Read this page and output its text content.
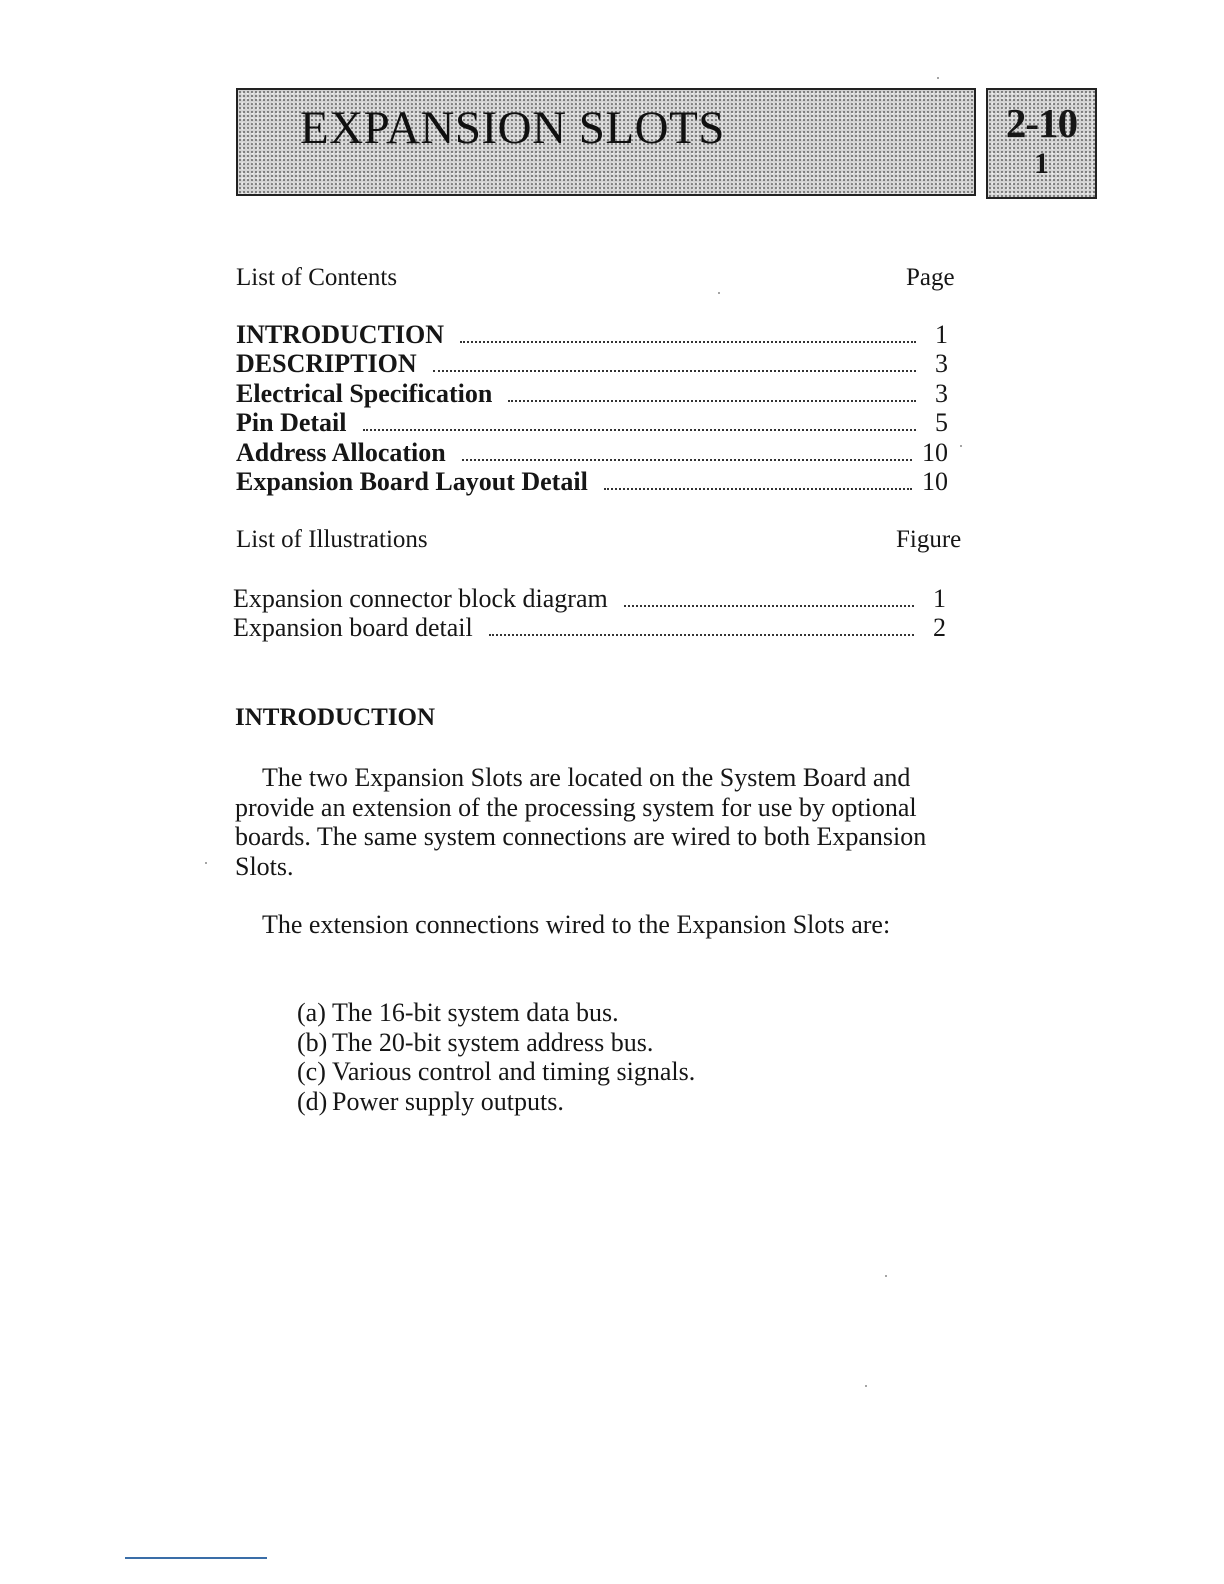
EXPANSION SLOTS	2-10
1
List of Contents	Page
INTRODUCTION	1
DESCRIPTION	3
Electrical Specification	3
Pin Detail	5
Address Allocation	10
Expansion Board Layout Detail	10
List of Illustrations	Figure
Expansion connector block diagram	1
Expansion board detail	2
INTRODUCTION

The two Expansion Slots are located on the System Board and provide an extension of the processing system for use by optional boards. The same system connections are wired to both Expansion Slots.

The extension connections wired to the Expansion Slots are:

(a) The 16-bit system data bus.
(b) The 20-bit system address bus.
(c) Various control and timing signals.
(d) Power supply outputs.
